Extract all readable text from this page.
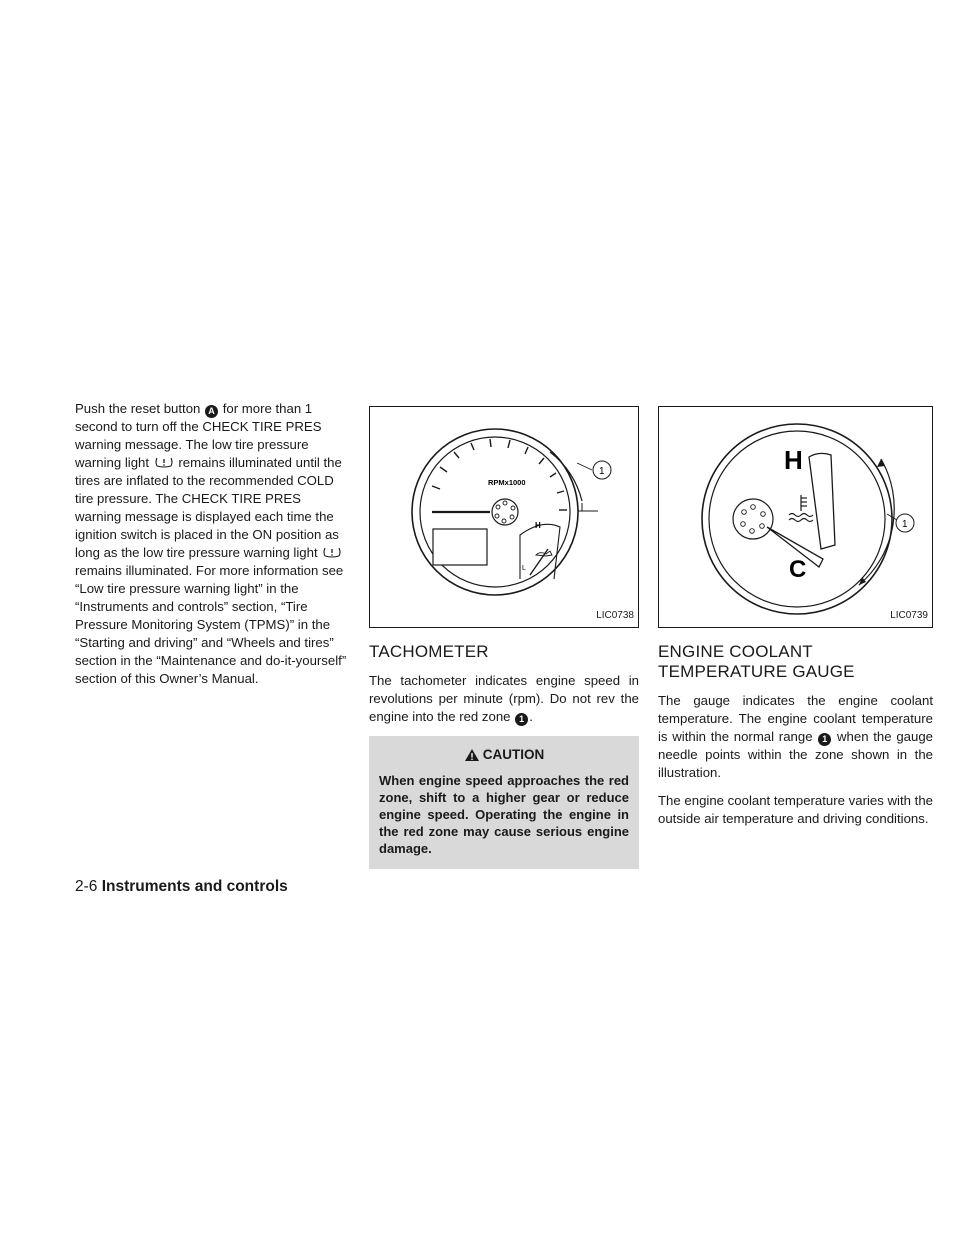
Push the reset button A for more than 1 second to turn off the CHECK TIRE PRES warning message. The low tire pressure warning light remains illuminated until the tires are inflated to the recommended COLD tire pressure. The CHECK TIRE PRES warning message is displayed each time the ignition switch is placed in the ON position as long as the low tire pressure warning light  remains illuminated. For more information see “Low tire pressure warning light” in the “Instruments and controls” section, “Tire Pressure Monitoring System (TPMS)” in the “Starting and driving” and “Wheels and tires” section in the “Maintenance and do-it-yourself” section of this Owner’s Manual.

RPMx1000
H
L
1
LIC0738
TACHOMETER

The tachometer indicates engine speed in revolutions per minute (rpm). Do not rev the engine into the red zone 1 .

CAUTION
When engine speed approaches the red zone, shift to a higher gear or reduce engine speed. Operating the engine in the red zone may cause serious engine damage.
H
C
1
LIC0739
ENGINE COOLANT TEMPERATURE GAUGE

The gauge indicates the engine coolant temperature. The engine coolant temperature is within the normal range 1 when the gauge needle points within the zone shown in the illustration.

The engine coolant temperature varies with the outside air temperature and driving conditions.

2-6 Instruments and controls
